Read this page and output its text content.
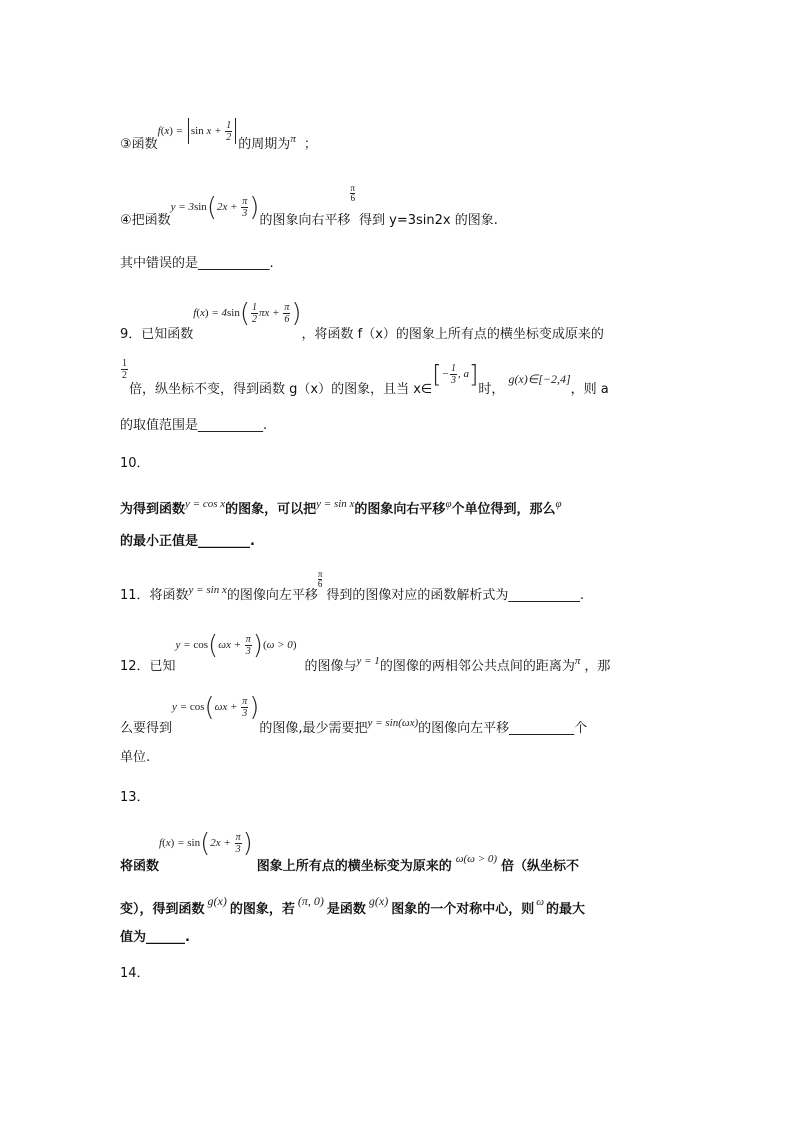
③函数$^{f(x) = sin x + \frac{1}{2}}$
的周期为π ；
④把函数$y = 3\sin(2x + \frac{\pi}{3}$ )的图象向右平移
$\frac{\pi}{6}$
得到 y=3sin2x 的图象.
其中错误的是___________.
9．已知函数$f(x) = 4\sin( \frac{1}{2}$ $\pi x + \frac{\pi}{6}$ )，将函数 f（x）的图象上所有点的横坐标变成原来的
$\frac{1}{2}$
倍，纵坐标不变，得到函数 g（x）的图象，且当 x∈[− $\frac{1}{3}$ , a]时，g(x)∈[−2,4]，则 a
的取值范围是__________.
10．
为得到函数$^{y = cos x}$的图象，可以把$^{y = sin x}$的图象向右平移$^\varphi$个单位得到，那么$^\varphi$
的最小正值是________.
11．将函数$_{y = sin x}$的图像向左平移
$\frac{\pi}{6}$
得到的图像对应的函数解析式为___________.
12．已知$y = \cos(\omega x + \frac{\pi}{3} )(\omega > 0)$的图像与$_{y = 1}$的图像的两相邻公共点间的距离为$_\pi$ ，那
么要得到$y = \cos(\omega x + \frac{\pi}{3}$ )的图像,最少需要把$_{y = sin(\omega x)}$的图像向左平移__________个
单位.
13．
将函数$f(x) = \sin(2x + \frac{\pi}{3}$ )图象上所有点的横坐标变为原来的 $_{\omega(\omega > 0)}$ 倍（纵坐标不
变），得到函数g(x)的图象，若(π, 0)是函数g(x)图象的一个对称中心，则 ω 的最大
值为______.
14．
